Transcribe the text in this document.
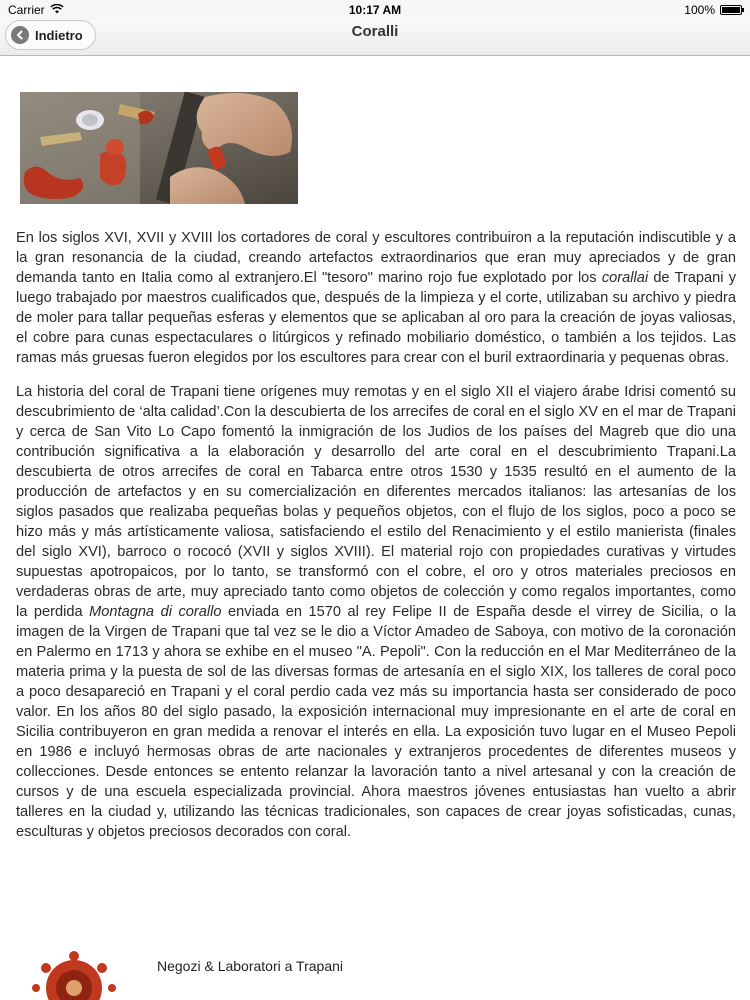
Carrier	10:17 AM	100%
Indietro	Coralli

En los siglos XVI, XVII y XVIII los cortadores de coral y escultores contribuiron a la reputación indiscutible y a la gran resonancia de la ciudad, creando artefactos extraordinarios que eran muy apreciados y de gran demanda tanto en Italia como al extranjero.El "tesoro" marino rojo fue explotado por los corallai de Trapani y luego trabajado por maestros cualificados que, después de la limpieza y el corte, utilizaban su archivo y piedra de moler para tallar pequeñas esferas y elementos que se aplicaban al oro para la creación de joyas valiosas, el cobre para cunas espectaculares o litúrgicos y refinado mobiliario doméstico, o también a los tejidos. Las ramas más gruesas fueron elegidos por los escultores para crear con el buril extraordinaria y pequenas obras.

La historia del coral de Trapani tiene orígenes muy remotas y en el siglo XII el viajero árabe Idrisi comentó su descubrimiento de ‘alta calidad’.Con la descubierta de los arrecifes de coral en el siglo XV en el mar de Trapani y cerca de San Vito Lo Capo fomentó la inmigración de los Judios de los países del Magreb que dio una contribución significativa a la elaboración y desarrollo del arte coral en el descubrimiento Trapani.La descubierta de otros arrecifes de coral en Tabarca entre otros 1530 y 1535 resultó en el aumento de la producción de artefactos y en su comercialización en diferentes mercados italianos: las artesanías de los siglos pasados que realizaba pequeñas bolas y pequeños objetos, con el flujo de los siglos, poco a poco se hizo más y más artísticamente valiosa, satisfaciendo el estilo del Renacimiento y el estilo manierista (finales del siglo XVI), barroco o rococó (XVII y siglos XVIII). El material rojo con propiedades curativas y virtudes supuestas apotropaicos, por lo tanto, se transformó con el cobre, el oro y otros materiales preciosos en verdaderas obras de arte, muy apreciado tanto como objetos de colección y como regalos importantes, como la perdida Montagna di corallo enviada en 1570 al rey Felipe II de España desde el virrey de Sicilia, o la imagen de la Virgen de Trapani que tal vez se le dio a Víctor Amadeo de Saboya, con motivo de la coronación en Palermo en 1713 y ahora se exhibe en el museo "A. Pepoli". Con la reducción en el Mar Mediterráneo de la materia prima y la puesta de sol de las diversas formas de artesanía en el siglo XIX, los talleres de coral poco a poco desapareció en Trapani y el coral perdio cada vez más su importancia hasta ser considerado de poco valor. En los años 80 del siglo pasado, la exposición internacional muy impresionante en el arte de coral en Sicilia contribuyeron en gran medida a renovar el interés en ella. La exposición tuvo lugar en el Museo Pepoli en 1986 e incluyó hermosas obras de arte nacionales y extranjeros procedentes de diferentes museos y collecciones. Desde entonces se entento relanzar la lavoración tanto a nivel artesanal y con la creación de cursos y de una escuela especializada provincial. Ahora maestros jóvenes entusiastas han vuelto a abrir talleres en la ciudad y, utilizando las técnicas tradicionales, son capaces de crear joyas sofisticadas, cunas, esculturas y objetos preciosos decorados con coral.

Negozi & Laboratori a Trapani
